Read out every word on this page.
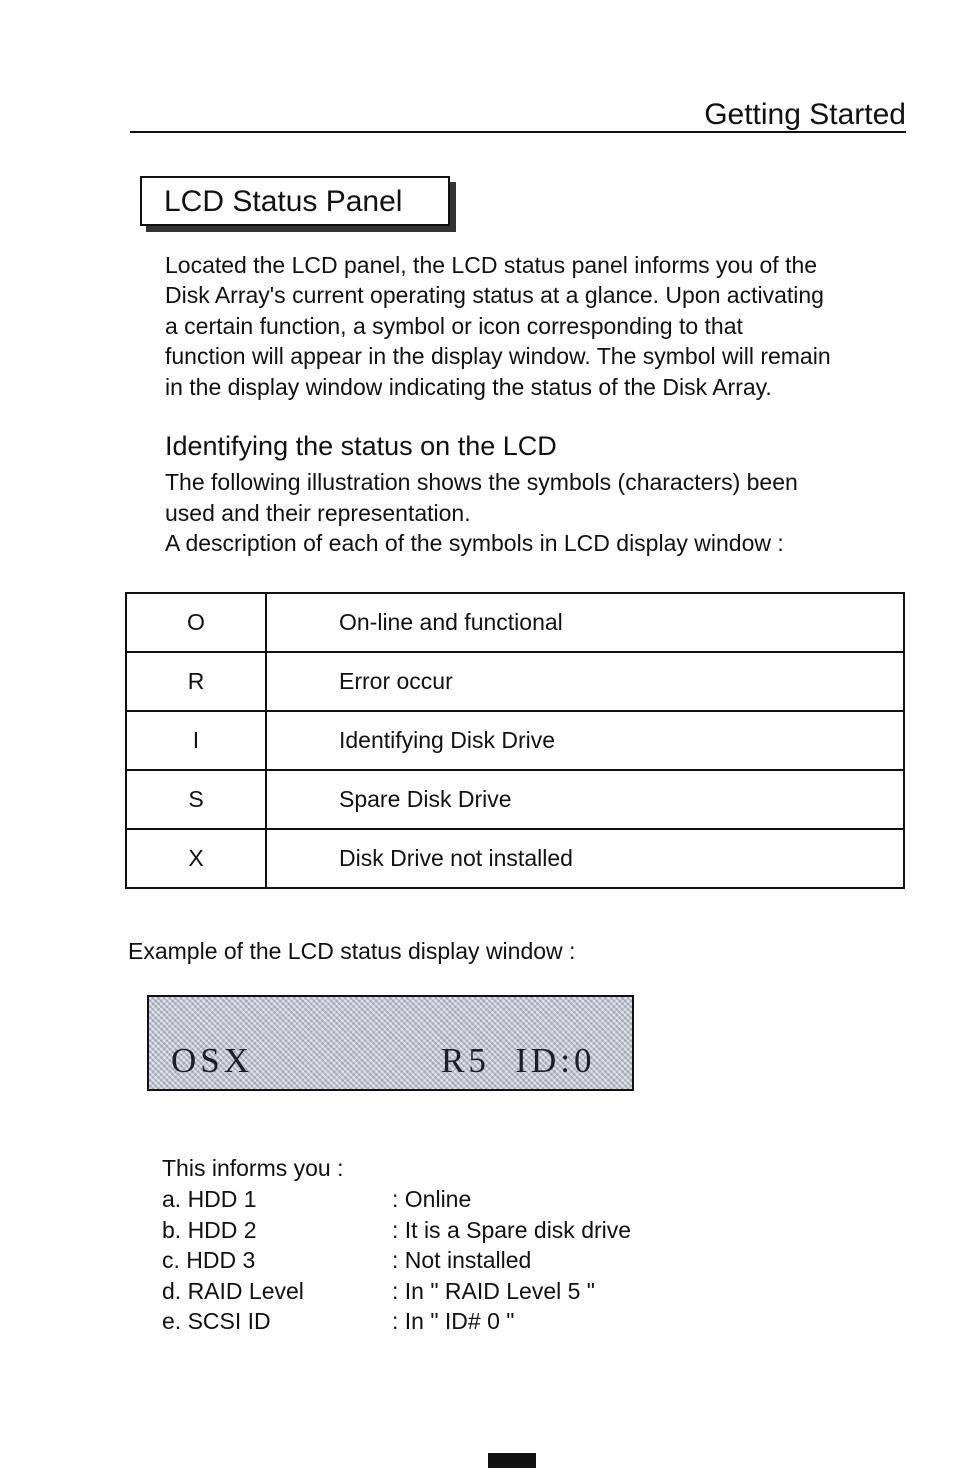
Getting Started
LCD Status Panel

Located the LCD panel, the LCD status panel informs you of the

Disk Array's current operating status at a glance. Upon activating

a certain function, a symbol or icon corresponding to that

function will appear in the display window. The symbol will remain

in the display window indicating the status of the Disk Array.

Identifying the status on the LCD

The following illustration shows the symbols (characters) been

used and their representation.

A description of each of the symbols in LCD display window :

O	On-line and functional
R	Error occur
I	Identifying Disk Drive
S	Spare Disk Drive
X	Disk Drive not installed
Example of the LCD status display window :
OSX	R5  ID:0
This informs you :
a. HDD 1	: Online
b. HDD 2	: It is a Spare disk drive
c. HDD 3	: Not installed
d. RAID Level	: In " RAID Level 5 "
e. SCSI ID	: In " ID# 0 "
